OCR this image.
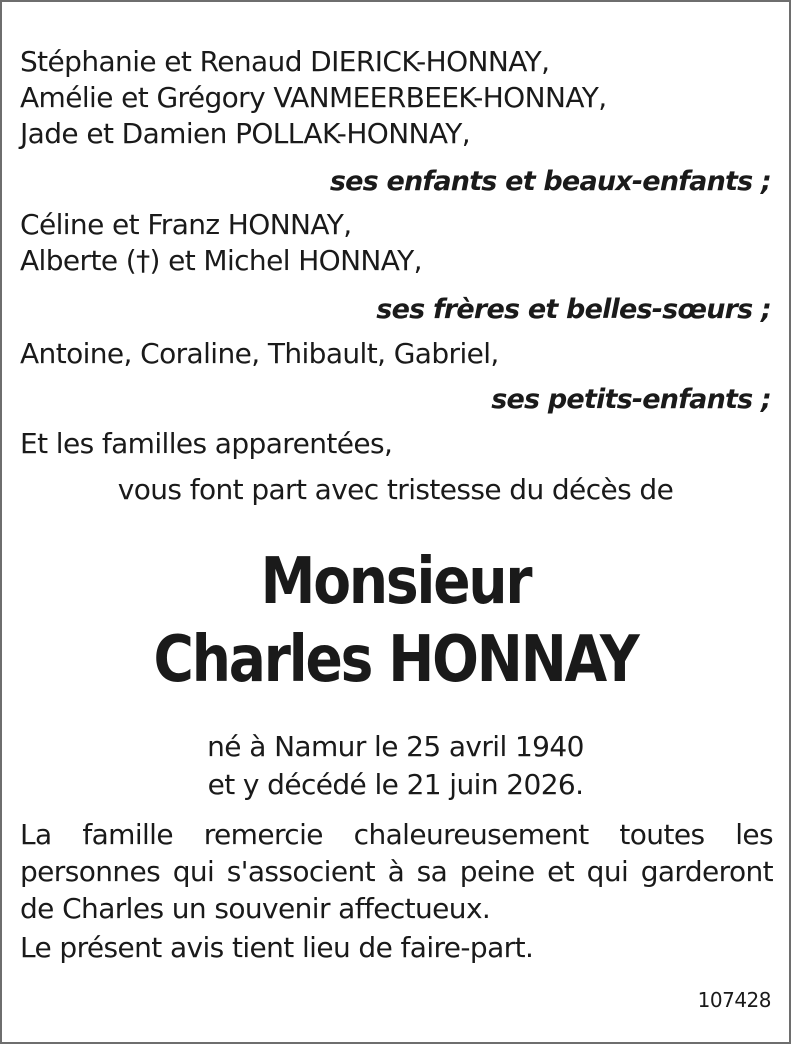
Stéphanie et Renaud DIERICK-HONNAY,
Amélie et Grégory VANMEERBEEK-HONNAY,
Jade et Damien POLLAK-HONNAY,
ses enfants et beaux-enfants ;
Céline et Franz HONNAY,
Alberte (†) et Michel HONNAY,
ses frères et belles-sœurs ;
Antoine, Coraline, Thibault, Gabriel,
ses petits-enfants ;
Et les familles apparentées,
vous font part avec tristesse du décès de
Monsieur
Charles HONNAY
né à Namur le 25 avril 1940
et y décédé le 21 juin 2026.
La famille remercie chaleureusement toutes les personnes qui s'associent à sa peine et qui garderont de Charles un souvenir affectueux.
Le présent avis tient lieu de faire-part.
107428
